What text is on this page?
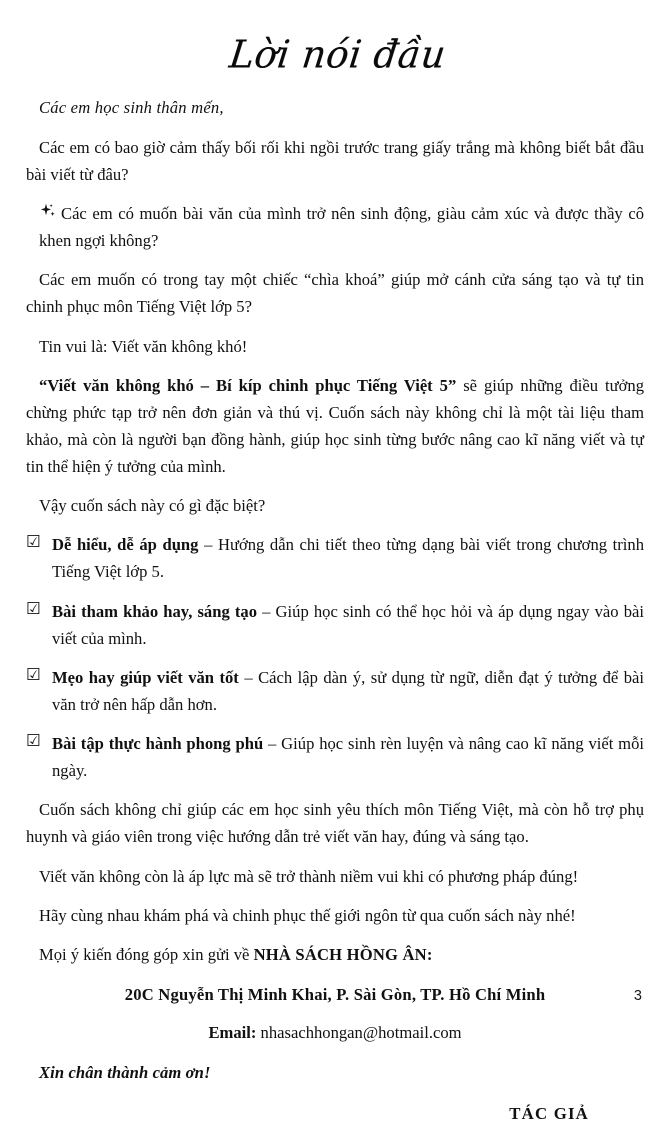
Lời nói đầu

Các em học sinh thân mến,

Các em có bao giờ cảm thấy bối rối khi ngồi trước trang giấy trắng mà không biết bắt đầu bài viết từ đâu?

Các em có muốn bài văn của mình trở nên sinh động, giàu cảm xúc và được thầy cô khen ngợi không?

Các em muốn có trong tay một chiếc “chìa khoá” giúp mở cánh cửa sáng tạo và tự tin chinh phục môn Tiếng Việt lớp 5?

Tin vui là: Viết văn không khó!

“Viết văn không khó – Bí kíp chinh phục Tiếng Việt 5” sẽ giúp những điều tưởng chừng phức tạp trở nên đơn giản và thú vị. Cuốn sách này không chỉ là một tài liệu tham khảo, mà còn là người bạn đồng hành, giúp học sinh từng bước nâng cao kĩ năng viết và tự tin thể hiện ý tưởng của mình.

Vậy cuốn sách này có gì đặc biệt?

☑ Dễ hiểu, dễ áp dụng – Hướng dẫn chi tiết theo từng dạng bài viết trong chương trình Tiếng Việt lớp 5.
☑ Bài tham khảo hay, sáng tạo – Giúp học sinh có thể học hỏi và áp dụng ngay vào bài viết của mình.
☑ Mẹo hay giúp viết văn tốt – Cách lập dàn ý, sử dụng từ ngữ, diễn đạt ý tưởng để bài văn trở nên hấp dẫn hơn.
☑ Bài tập thực hành phong phú – Giúp học sinh rèn luyện và nâng cao kĩ năng viết mỗi ngày.

Cuốn sách không chỉ giúp các em học sinh yêu thích môn Tiếng Việt, mà còn hỗ trợ phụ huynh và giáo viên trong việc hướng dẫn trẻ viết văn hay, đúng và sáng tạo.

Viết văn không còn là áp lực mà sẽ trở thành niềm vui khi có phương pháp đúng!

Hãy cùng nhau khám phá và chinh phục thế giới ngôn từ qua cuốn sách này nhé!

Mọi ý kiến đóng góp xin gửi về NHÀ SÁCH HỒNG ÂN:

20C Nguyễn Thị Minh Khai, P. Sài Gòn, TP. Hồ Chí Minh

Email: nhasachhongan@hotmail.com

Xin chân thành cảm ơn!

TÁC GIẢ

3
